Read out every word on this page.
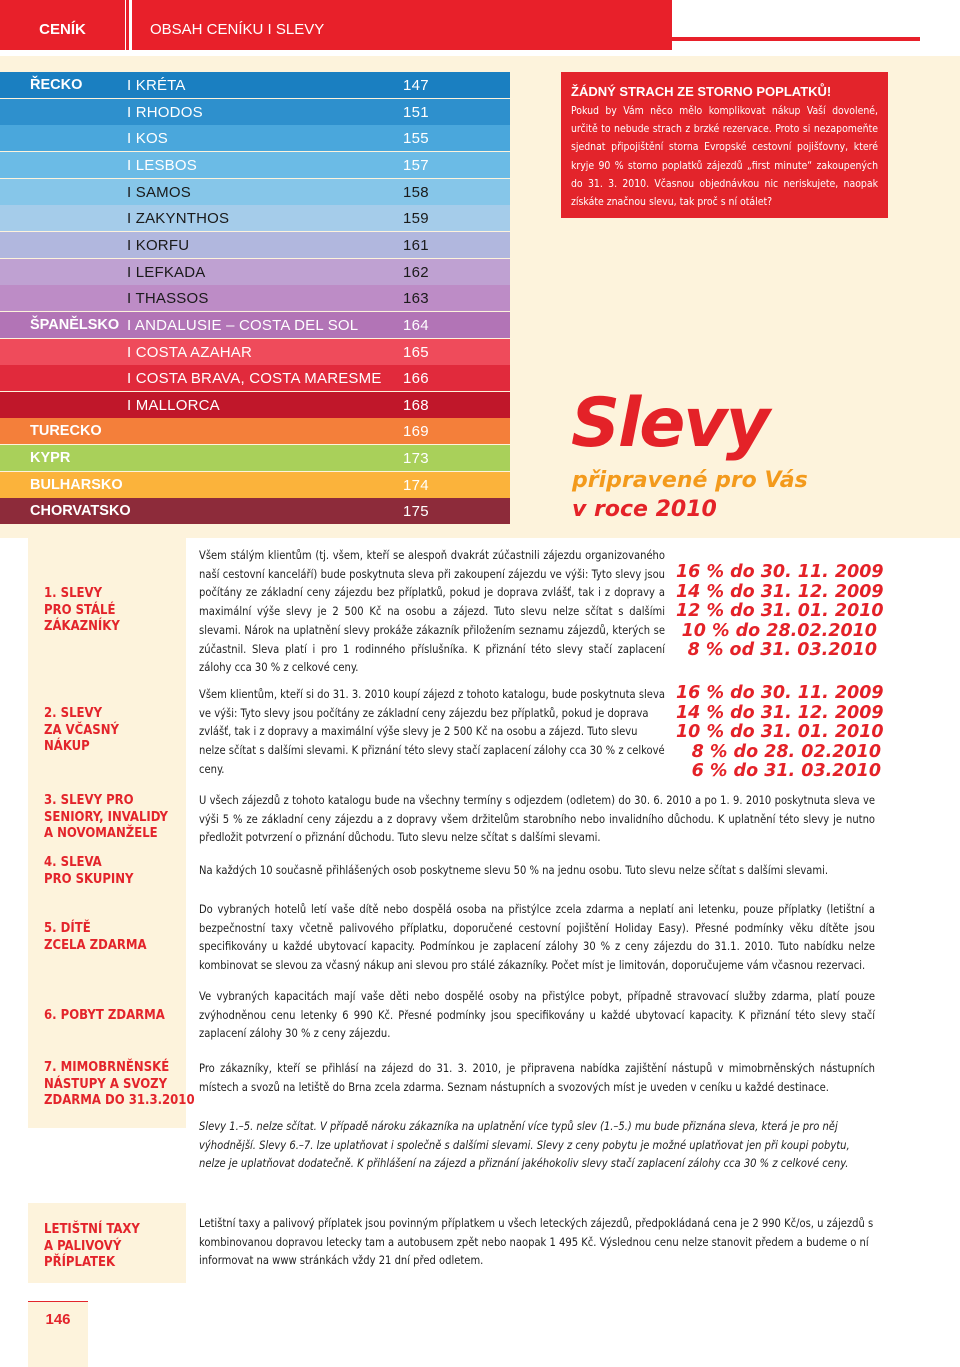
CENÍK	OBSAH CENÍKU I SLEVY
ŘECKO	I KRÉTA	147
I RHODOS	151
I KOS	155
I LESBOS	157
I SAMOS	158
I ZAKYNTHOS	159
I KORFU	161
I LEFKADA	162
I THASSOS	163
ŠPANĚLSKO I ANDALUSIE – COSTA DEL SOL	164
I COSTA AZAHAR	165
I COSTA BRAVA, COSTA MARESME 166
I MALLORCA	168
TURECKO	169
KYPR	173
BULHARSKO	174
CHORVATSKO	175
ŽÁDNÝ STRACH ZE STORNO POPLATKŮ!
Pokud by Vám něco mělo komplikovat nákup Vaší dovolené, určitě to nebude strach z brzké rezervace. Proto si nezapomeňte sjednat připojištění storna Evropské cestovní pojišťovny, které kryje 90 % storno poplatků zájezdů „first minute“ zakoupených do 31. 3. 2010. Včasnou objednávkou nic neriskujete, naopak získáte značnou slevu, tak proč s ní otálet?
Slevy
připravené pro Vás
v roce 2010
1. SLEVY
PRO STÁLÉ
ZÁKAZNÍKY
Všem stálým klientům (tj. všem, kteří se alespoň dvakrát zúčastnili zájezdu organizovaného naší cestovní kanceláří) bude poskytnuta sleva při zakoupení zájezdu ve výši: Tyto slevy jsou počítány ze základní ceny zájezdu bez příplatků, pokud je doprava zvlášť, tak i z dopravy a maximální výše slevy je 2 500 Kč na osobu a zájezd. Tuto slevu nelze sčítat s dalšími slevami. Nárok na uplatnění slevy prokáže zákazník přiložením seznamu zájezdů, kterých se zúčastnil. Sleva platí i pro 1 rodinného příslušníka. K přiznání této slevy stačí zaplacení zálohy cca 30 % z celkové ceny.
16 % do 30. 11. 2009
14 % do 31. 12. 2009
12 % do 31. 01. 2010
10 % do 28.02.2010
8 % od 31. 03.2010
2. SLEVY
ZA VČASNÝ
NÁKUP
Všem klientům, kteří si do 31. 3. 2010 koupí zájezd z tohoto katalogu, bude poskytnuta sleva ve výši: Tyto slevy jsou počítány ze základní ceny zájezdu bez příplatků, pokud je doprava zvlášť, tak i z dopravy a maximální výše slevy je 2 500 Kč na osobu a zájezd. Tuto slevu nelze sčítat s dalšími slevami. K přiznání této slevy stačí zaplacení zálohy cca 30 % z celkové ceny.
16 % do 30. 11. 2009
14 % do 31. 12. 2009
10 % do 31. 01. 2010
8 % do 28. 02.2010
6 % do 31. 03.2010
3. SLEVY PRO
SENIORY, INVALIDY
A NOVOMANŽELE
U všech zájezdů z tohoto katalogu bude na všechny termíny s odjezdem (odletem) do 30. 6. 2010 a po 1. 9. 2010 poskytnuta sleva ve výši 5 % ze základní ceny zájezdu a z dopravy všem držitelům starobního nebo invalidního důchodu. K uplatnění této slevy je nutno předložit potvrzení o přiznání důchodu. Tuto slevu nelze sčítat s dalšími slevami.
4. SLEVA
PRO SKUPINY
Na každých 10 současně přihlášených osob poskytneme slevu 50 % na jednu osobu. Tuto slevu nelze sčítat s dalšími slevami.
5. DÍTĚ
ZCELA ZDARMA
Do vybraných hotelů letí vaše dítě nebo dospělá osoba na přistýlce zcela zdarma a neplatí ani letenku, pouze příplatky (letištní a bezpečnostní taxy včetně palivového příplatku, doporučené cestovní pojištění Holiday Easy). Přesné podmínky věku dítěte jsou specifikovány u každé ubytovací kapacity. Podmínkou je zaplacení zálohy 30 % z ceny zájezdu do 31.1. 2010. Tuto nabídku nelze kombinovat se slevou za včasný nákup ani slevou pro stálé zákazníky. Počet míst je limitován, doporučujeme vám včasnou rezervaci.
6. POBYT ZDARMA
Ve vybraných kapacitách mají vaše děti nebo dospělé osoby na přistýlce pobyt, případně stravovací služby zdarma, platí pouze zvýhodněnou cenu letenky 6 990 Kč. Přesné podmínky jsou specifikovány u každé ubytovací kapacity. K přiznání této slevy stačí zaplacení zálohy 30 % z ceny zájezdu.
7. MIMOBRNĚNSKÉ
NÁSTUPY A SVOZY
ZDARMA DO 31.3.2010
Pro zákazníky, kteří se přihlásí na zájezd do 31. 3. 2010, je připravena nabídka zajištění nástupů v mimobrněnských nástupních místech a svozů na letiště do Brna zcela zdarma. Seznam nástupních a svozových míst je uveden v ceníku u každé destinace.
Slevy 1.–5. nelze sčítat. V případě nároku zákazníka na uplatnění více typů slev (1.–5.) mu bude přiznána sleva, která je pro něj výhodnější. Slevy 6.–7. lze uplatňovat i společně s dalšími slevami. Slevy z ceny pobytu je možné uplatňovat jen při koupi pobytu, nelze je uplatňovat dodatečně. K přihlášení na zájezd a přiznání jakéhokoliv slevy stačí zaplacení zálohy cca 30 % z celkové ceny.
LETIŠTNÍ TAXY
A PALIVOVÝ
PŘÍPLATEK
Letištní taxy a palivový příplatek jsou povinným příplatkem u všech leteckých zájezdů, předpokládaná cena je 2 990 Kč/os, u zájezdů s kombinovanou dopravou letecky tam a autobusem zpět nebo naopak 1 495 Kč. Výslednou cenu nelze stanovit předem a budeme o ní informovat na www stránkách vždy 21 dní před odletem.
146
